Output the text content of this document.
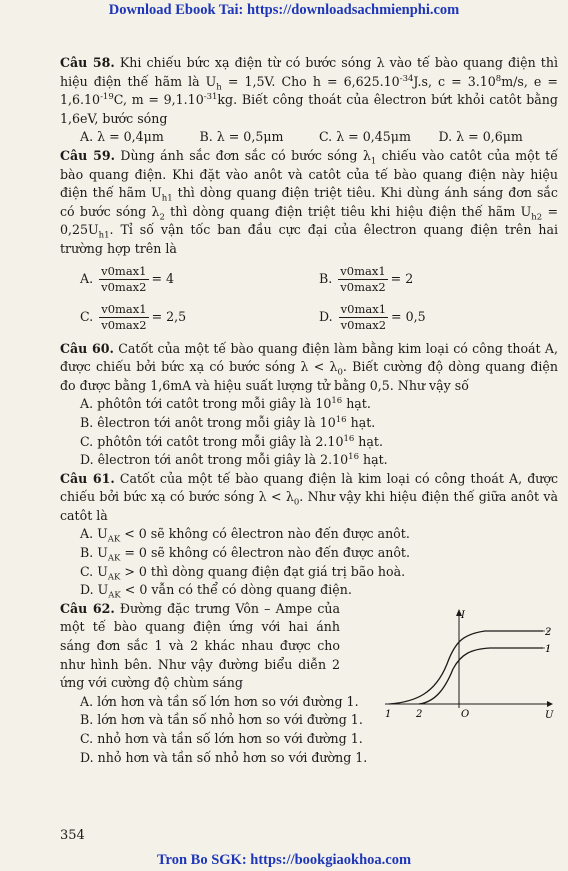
Download Ebook Tai: https://downloadsachmienphi.com

Câu 58. Khi chiếu bức xạ điện từ có bước sóng λ vào tế bào quang điện thì hiệu điện thế hãm là $U_h = 1,5V$. Cho $h = 6,625.10^{-34}J.s$, $c = 3.10^8m/s$, $e = 1,6.10^{-19}C$, $m = 9,1.10^{-31}kg$. Biết công thoát của êlectron bứt khỏi catôt bằng 1,6eV, bước sóng

A. λ = 0,4μm	B. λ = 0,5μm	C. λ = 0,45μm	D. λ = 0,6μm

Câu 59. Dùng ánh sắc đơn sắc có bước sóng $\lambda_1$ chiếu vào catôt của một tế bào quang điện. Khi đặt vào anôt và catôt của tế bào quang điện này hiệu điện thế hãm $U_{h1}$ thì dòng quang điện triệt tiêu. Khi dùng ánh sáng đơn sắc có bước sóng $\lambda_2$ thì dòng quang điện triệt tiêu khi hiệu điện thế hãm $U_{h2} = 0,25U_{h1}$. Tỉ số vận tốc ban đầu cực đại của êlectron quang điện trên hai trường hợp trên là

A. $\frac{v0\max 1}{v0\max 2} = 4$	B. $\frac{v0\max 1}{v0\max 2} = 2$
C. $\frac{v0\max 1}{v0\max 2} = 2,5$	D. $\frac{v0\max 1}{v0\max 2} = 0,5$

Câu 60. Catốt của một tế bào quang điện làm bằng kim loại có công thoát A, được chiếu bởi bức xạ có bước sóng $\lambda < \lambda_0$. Biết cường độ dòng quang điện đo được bằng 1,6mA và hiệu suất lượng tử bằng 0,5. Như vậy số

A. phôtôn tới catôt trong mỗi giây là $10^{16}$ hạt.

B. êlectron tới anôt trong mỗi giây là $10^{16}$ hạt.

C. phôtôn tới catôt trong mỗi giây là 2.10$^{16}$ hạt.

D. êlectron tới anôt trong mỗi giây là 2.10$^{16}$ hạt.

Câu 61. Catốt của một tế bào quang điện là kim loại có công thoát A, được chiếu bởi bức xạ có bước sóng $\lambda < \lambda_0$. Như vậy khi hiệu điện thế giữa anôt và catôt là

A. $U_{AK} < 0$ sẽ không có êlectron nào đến được anôt.

B. $U_{AK} = 0$ sẽ không có êlectron nào đến được anôt.

C. $U_{AK} > 0$ thì dòng quang điện đạt giá trị bão hoà.

D. $U_{AK} < 0$ vẫn có thể có dòng quang điện.

Câu 62. Đường đặc trưng Vôn – Ampe của một tế bào quang điện ứng với hai ánh sáng đơn sắc 1 và 2 khác nhau được cho như hình bên. Như vậy đường biểu diễn 2 ứng với cường độ chùm sáng

I
U
O
2
1
1 2

A. lớn hơn và tần số lớn hơn so với đường 1.

B. lớn hơn và tần số nhỏ hơn so với đường 1.

C. nhỏ hơn và tần số lớn hơn so với đường 1.

D. nhỏ hơn và tần số nhỏ hơn so với đường 1.

354
Tron Bo SGK: https://bookgiaokhoa.com
